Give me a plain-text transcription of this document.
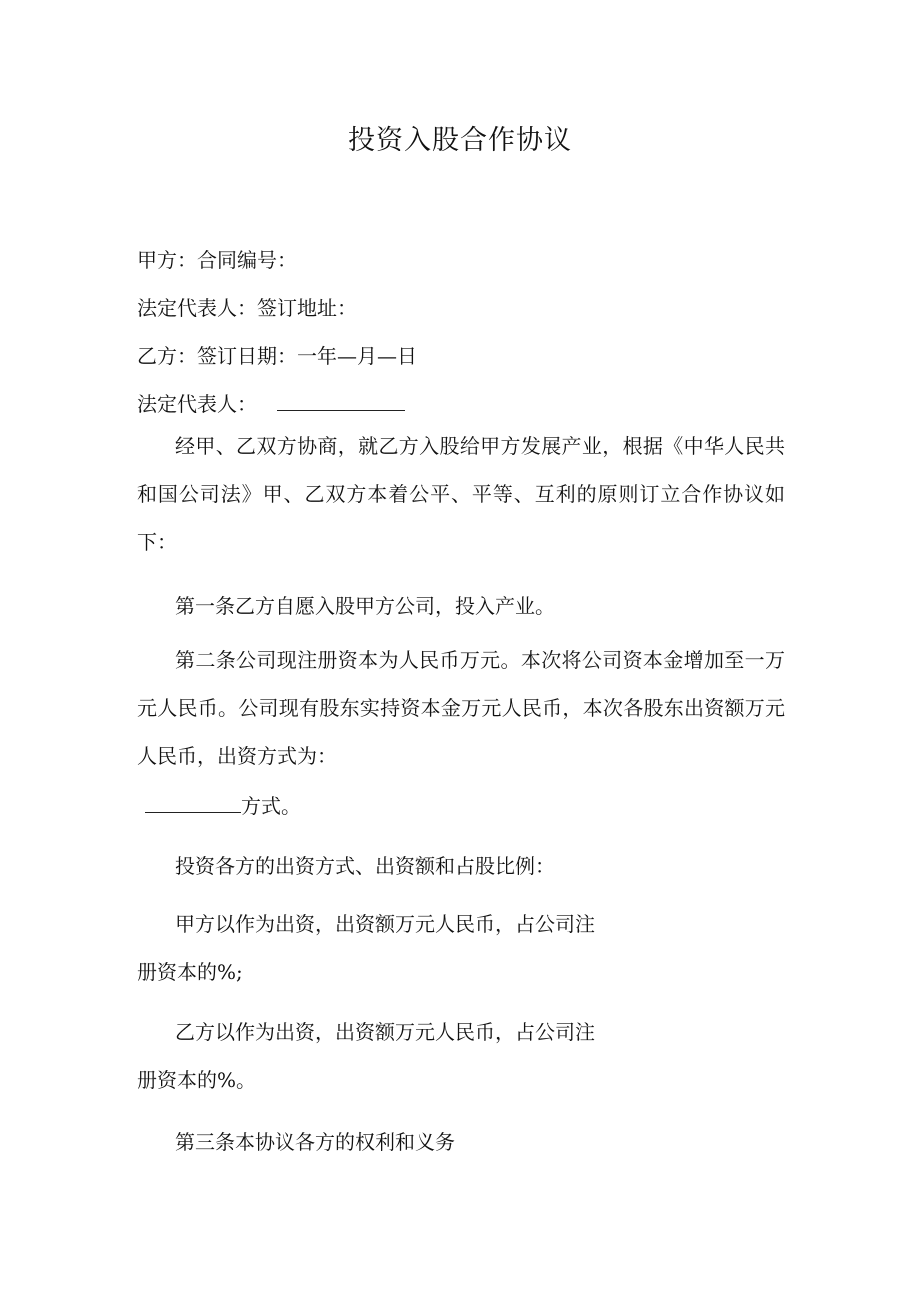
投资入股合作协议
甲方：合同编号：
法定代表人：签订地址：
乙方：签订日期：一年—月—日
法定代表人：
经甲、乙双方协商，就乙方入股给甲方发展产业，根据《中华人民共和国公司法》甲、乙双方本着公平、平等、互利的原则订立合作协议如下：
第一条乙方自愿入股甲方公司，投入产业。
第二条公司现注册资本为人民币万元。本次将公司资本金增加至一万元人民币。公司现有股东实持资本金万元人民币，本次各股东出资额万元人民币，出资方式为：
方式。
投资各方的出资方式、出资额和占股比例：
甲方以作为出资，出资额万元人民币，占公司注
册资本的%;
乙方以作为出资，出资额万元人民币，占公司注
册资本的%。
第三条本协议各方的权利和义务
